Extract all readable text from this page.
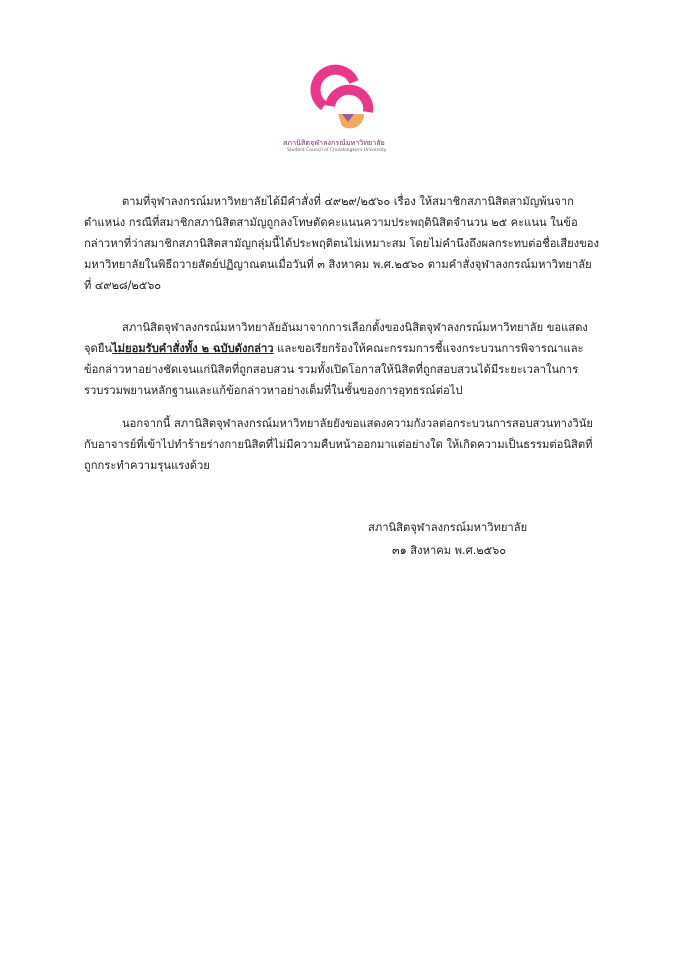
สภานิสิตจุฬาลงกรณ์มหาวิทยาลัย
Student Council of Chulalongkorn University
ตามที่จุฬาลงกรณ์มหาวิทยาลัยได้มีคำสั่งที่ ๔๙๒๙/๒๕๖๐ เรื่อง ให้สมาชิกสภานิสิตสามัญพ้นจาก
ตำแหน่ง กรณีที่สมาชิกสภานิสิตสามัญถูกลงโทษตัดคะแนนความประพฤตินิสิตจำนวน ๒๕ คะแนน ในข้อ
กล่าวหาที่ว่าสมาชิกสภานิสิตสามัญกลุ่มนี้ได้ประพฤติตนไม่เหมาะสม โดยไม่คำนึงถึงผลกระทบต่อชื่อเสียงของ
มหาวิทยาลัยในพิธีถวายสัตย์ปฏิญาณตนเมื่อวันที่ ๓ สิงหาคม พ.ศ.๒๕๖๐ ตามคำสั่งจุฬาลงกรณ์มหาวิทยาลัย
ที่ ๔๙๒๘/๒๕๖๐
สภานิสิตจุฬาลงกรณ์มหาวิทยาลัยอันมาจากการเลือกตั้งของนิสิตจุฬาลงกรณ์มหาวิทยาลัย ขอแสดง
จุดยืนไม่ยอมรับคำสั่งทั้ง ๒ ฉบับดังกล่าว และขอเรียกร้องให้คณะกรรมการชี้แจงกระบวนการพิจารณาและ
ข้อกล่าวหาอย่างชัดเจนแก่นิสิตที่ถูกสอบสวน รวมทั้งเปิดโอกาสให้นิสิตที่ถูกสอบสวนได้มีระยะเวลาในการ
รวบรวมพยานหลักฐานและแก้ข้อกล่าวหาอย่างเต็มที่ในชั้นของการอุทธรณ์ต่อไป
นอกจากนี้ สภานิสิตจุฬาลงกรณ์มหาวิทยาลัยยังขอแสดงความกังวลต่อกระบวนการสอบสวนทางวินัย
กับอาจารย์ที่เข้าไปทำร้ายร่างกายนิสิตที่ไม่มีความคืบหน้าออกมาแต่อย่างใด ให้เกิดความเป็นธรรมต่อนิสิตที่
ถูกกระทำความรุนแรงด้วย
สภานิสิตจุฬาลงกรณ์มหาวิทยาลัย
๓๑ สิงหาคม พ.ศ.๒๕๖๐
